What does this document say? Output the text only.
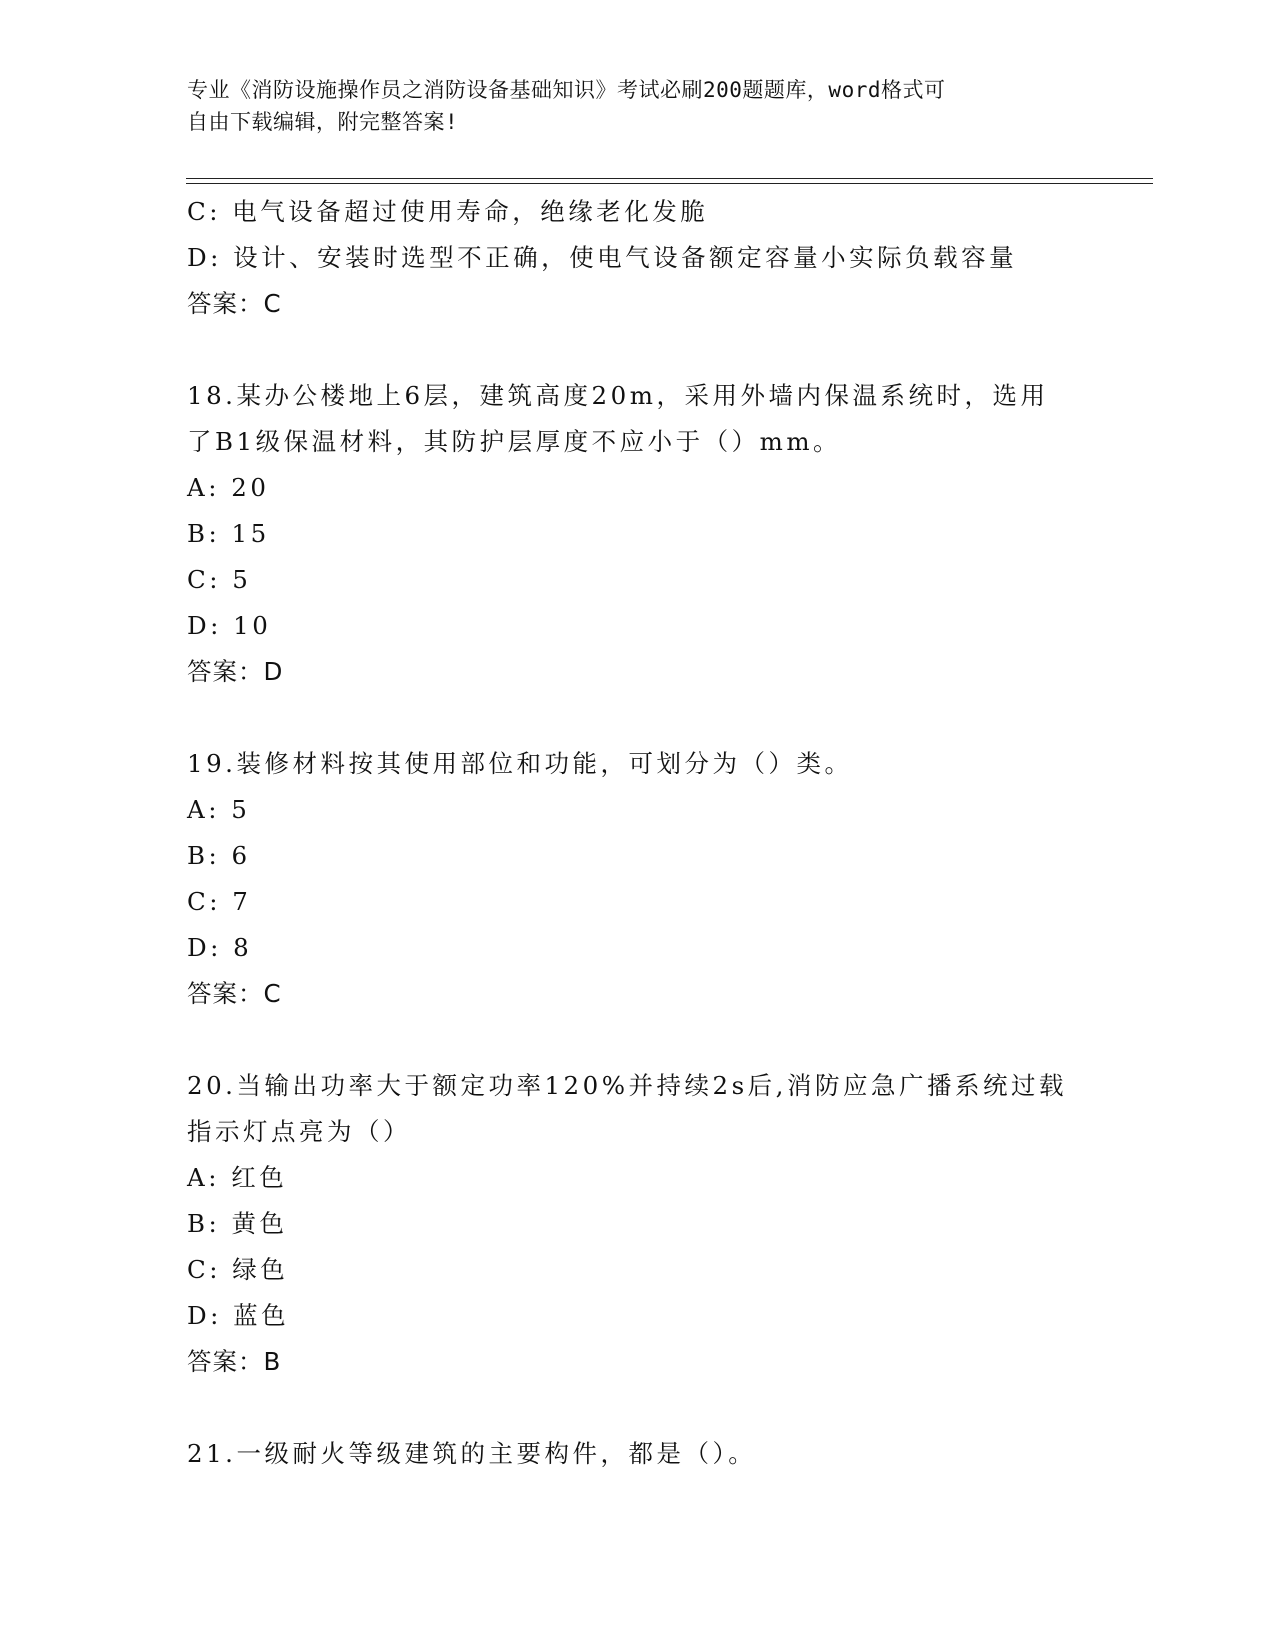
专业《消防设施操作员之消防设备基础知识》考试必刷200题题库，word格式可
自由下载编辑，附完整答案!
C: 电气设备超过使用寿命，绝缘老化发脆
D: 设计、安装时选型不正确，使电气设备额定容量小实际负载容量
答案：C
18.某办公楼地上6层，建筑高度20m，采用外墙内保温系统时，选用
了B1级保温材料，其防护层厚度不应小于（）mm。
A: 20
B: 15
C: 5
D: 10
答案：D
19.装修材料按其使用部位和功能，可划分为（）类。
A: 5
B: 6
C: 7
D: 8
答案：C
20.当输出功率大于额定功率120%并持续2s后,消防应急广播系统过载
指示灯点亮为（）
A: 红色
B: 黄色
C: 绿色
D: 蓝色
答案：B
21.一级耐火等级建筑的主要构件，都是（）。
